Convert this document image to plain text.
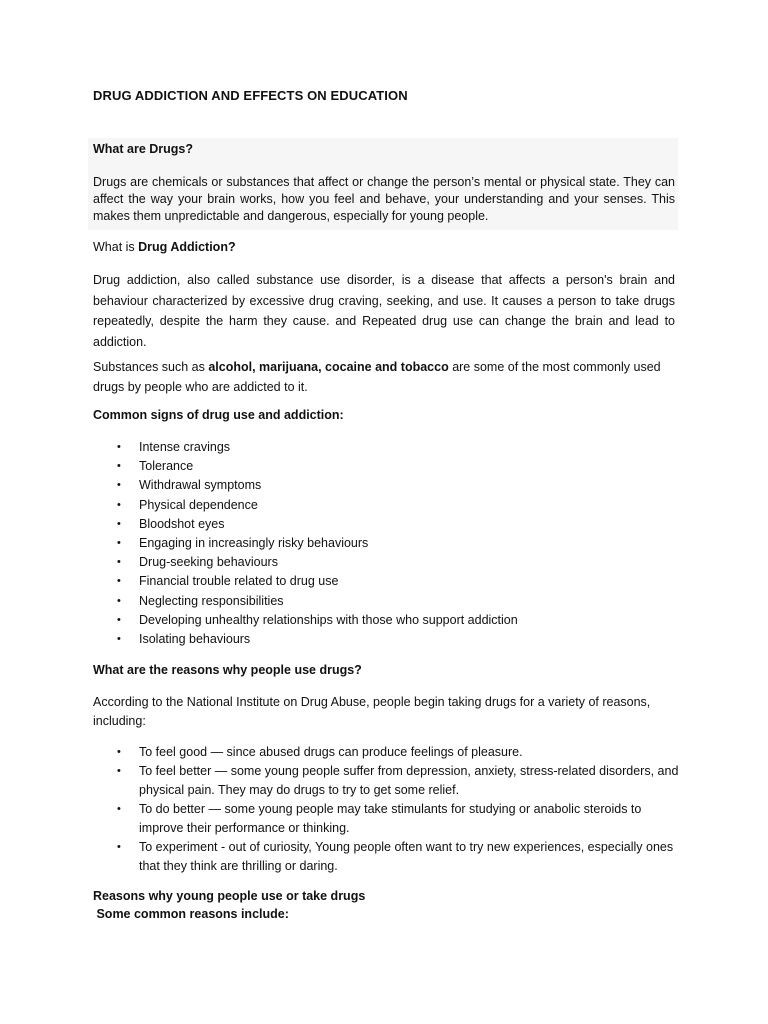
DRUG ADDICTION AND EFFECTS ON EDUCATION
What are Drugs?
Drugs are chemicals or substances that affect or change the person’s mental or physical state. They can affect the way your brain works, how you feel and behave, your understanding and your senses. This makes them unpredictable and dangerous, especially for young people.
What is Drug Addiction?
Drug addiction, also called substance use disorder, is a disease that affects a person's brain and behaviour characterized by excessive drug craving, seeking, and use. It causes a person to take drugs repeatedly, despite the harm they cause. and Repeated drug use can change the brain and lead to addiction.
Substances such as alcohol, marijuana, cocaine and tobacco are some of the most commonly used drugs by people who are addicted to it.
Common signs of drug use and addiction:
• Intense cravings
• Tolerance
• Withdrawal symptoms
• Physical dependence
• Bloodshot eyes
• Engaging in increasingly risky behaviours
• Drug-seeking behaviours
• Financial trouble related to drug use
• Neglecting responsibilities
• Developing unhealthy relationships with those who support addiction
• Isolating behaviours
What are the reasons why people use drugs?
According to the National Institute on Drug Abuse, people begin taking drugs for a variety of reasons, including:
• To feel good — since abused drugs can produce feelings of pleasure.
• To feel better — some young people suffer from depression, anxiety, stress-related disorders, and physical pain. They may do drugs to try to get some relief.
• To do better — some young people may take stimulants for studying or anabolic steroids to improve their performance or thinking.
• To experiment - out of curiosity, Young people often want to try new experiences, especially ones that they think are thrilling or daring.
Reasons why young people use or take drugs
Some common reasons include:
